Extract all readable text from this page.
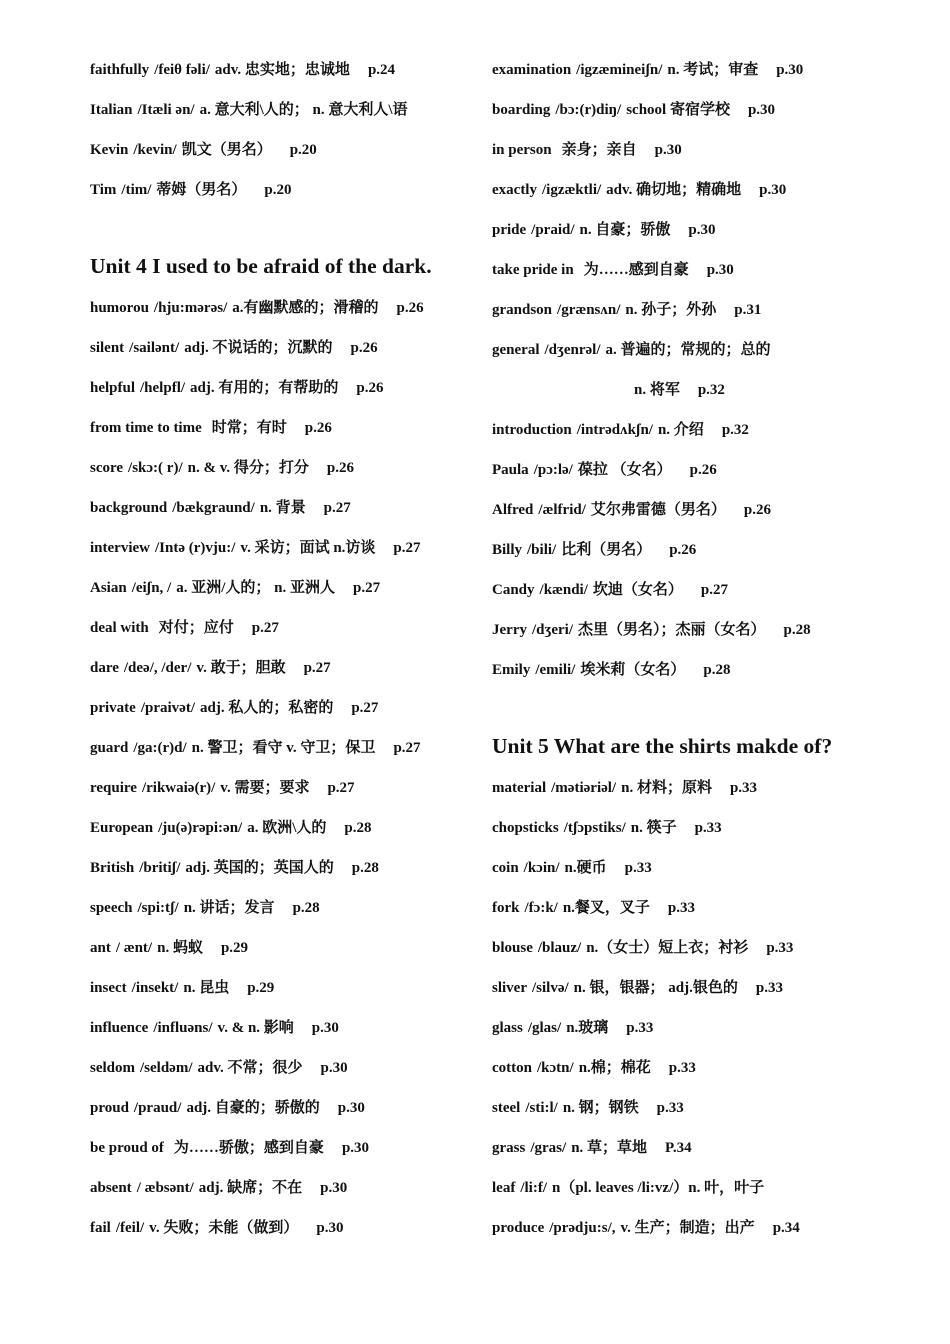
faithfully /feiθ fəli/ adv. 忠实地；忠诚地 p.24
Italian /Itæli ən/ a. 意大利\人的； n. 意大利人\语
Kevin /kevin/ 凯文（男名） p.20
Tim /tim/ 蒂姆（男名） p.20
Unit 4 I used to be afraid of the dark.
humorou /hju:mərəs/ a.有幽默感的；滑稽的 p.26
silent /sailənt/ adj. 不说话的；沉默的 p.26
helpful /helpfl/ adj. 有用的；有帮助的 p.26
from time to time 时常；有时 p.26
score /skɔ:( r)/ n. & v. 得分；打分 p.26
background /bækgraund/ n. 背景 p.27
interview /Intə (r)vju:/ v. 采访；面试 n.访谈 p.27
Asian /eiʃn, / a. 亚洲/人的； n. 亚洲人 p.27
deal with 对付；应付 p.27
dare /deə/, /der/ v. 敢于；胆敢 p.27
private /praivət/ adj. 私人的；私密的 p.27
guard /ga:(r)d/ n. 警卫；看守 v. 守卫；保卫 p.27
require /rikwaiə(r)/ v. 需要；要求 p.27
European /ju(ə)rəpi:ən/ a. 欧洲\人的 p.28
British /britiʃ/ adj. 英国的；英国人的 p.28
speech /spi:tʃ/ n. 讲话；发言 p.28
ant / ænt/ n. 蚂蚁 p.29
insect /insekt/ n. 昆虫 p.29
influence /influəns/ v. & n. 影响 p.30
seldom /seldəm/ adv. 不常；很少 p.30
proud /praud/ adj. 自豪的；骄傲的 p.30
be proud of 为……骄傲；感到自豪 p.30
absent / æbsənt/ adj. 缺席；不在 p.30
fail /feil/ v. 失败；未能（做到） p.30
examination /igzæmineiʃn/ n. 考试；审查 p.30
boarding /bɔ:(r)diŋ/ school 寄宿学校 p.30
in person 亲身；亲自 p.30
exactly /igzæktli/ adv. 确切地；精确地 p.30
pride /praid/ n. 自豪；骄傲 p.30
take pride in 为……感到自豪 p.30
grandson /grænsʌn/ n. 孙子；外孙 p.31
general /dʒenrəl/ a. 普遍的；常规的；总的
n. 将军 p.32
introduction /intrədʌkʃn/ n. 介绍 p.32
Paula /pɔ:lə/ 葆拉 （女名） p.26
Alfred /ælfrid/ 艾尔弗雷德（男名） p.26
Billy /bili/ 比利（男名） p.26
Candy /kændi/ 坎迪（女名） p.27
Jerry /dʒeri/ 杰里（男名）；杰丽（女名） p.28
Emily /emili/ 埃米莉（女名） p.28
Unit 5 What are the shirts makde of?
material /mətiəriəl/ n. 材料；原料 p.33
chopsticks /tʃɔpstiks/ n. 筷子 p.33
coin /kɔin/ n.硬币 p.33
fork /fɔ:k/ n.餐叉，叉子 p.33
blouse /blauz/ n.（女士）短上衣；衬衫 p.33
sliver /silvə/ n. 银，银器； adj.银色的 p.33
glass /glas/ n.玻璃 p.33
cotton /kɔtn/ n.棉；棉花 p.33
steel /sti:l/ n. 钢；钢铁 p.33
grass /gras/ n. 草；草地 P.34
leaf /li:f/ n（pl. leaves /li:vz/）n. 叶，叶子
produce /prədju:s/, v. 生产；制造；出产 p.34
